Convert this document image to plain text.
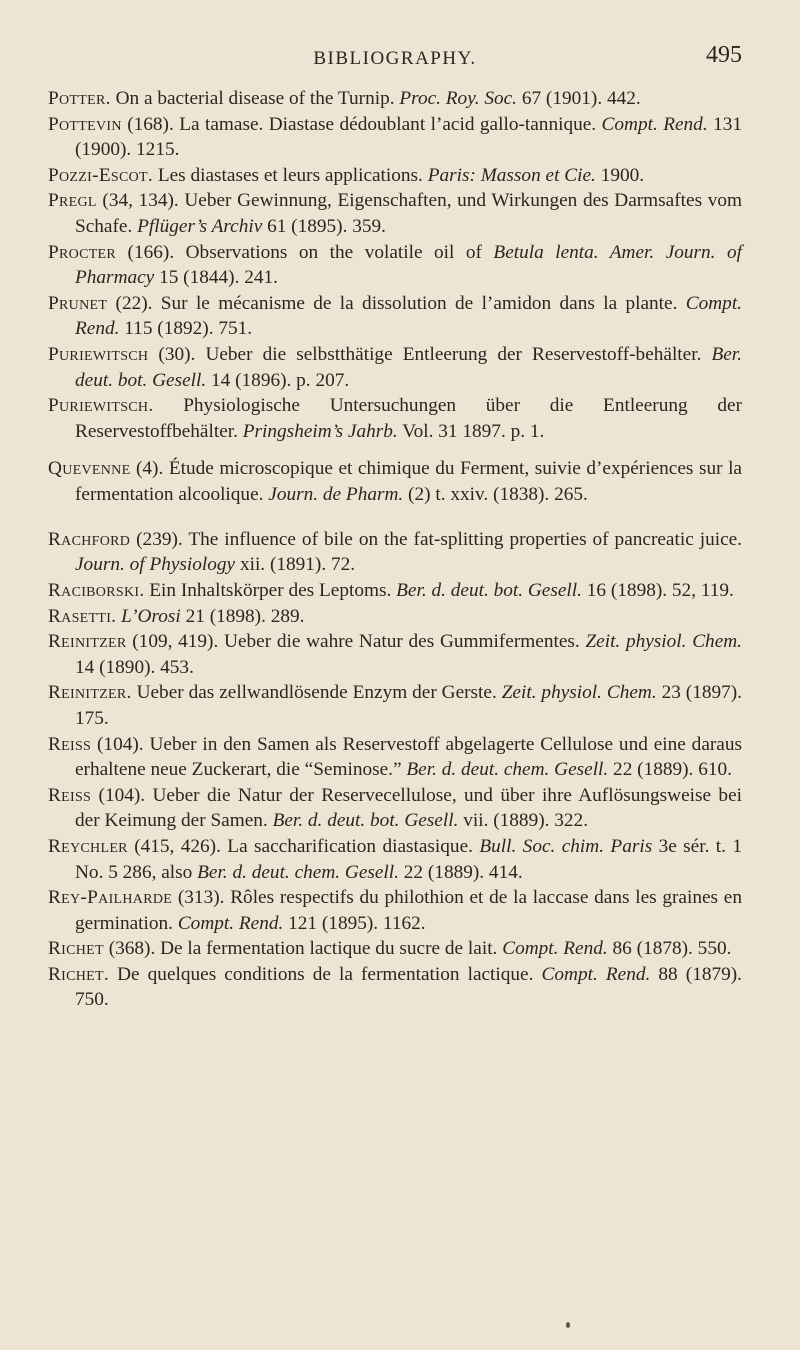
BIBLIOGRAPHY.	495

Potter. On a bacterial disease of the Turnip. Proc. Roy. Soc. 67 (1901). 442.

Pottevin (168). La tamase. Diastase dédoublant l’acid gallo-tannique. Compt. Rend. 131 (1900). 1215.

Pozzi-Escot. Les diastases et leurs applications. Paris: Masson et Cie. 1900.

Pregl (34, 134). Ueber Gewinnung, Eigenschaften, und Wirkungen des Darmsaftes vom Schafe. Pflüger’s Archiv 61 (1895). 359.

Procter (166). Observations on the volatile oil of Betula lenta. Amer. Journ. of Pharmacy 15 (1844). 241.

Prunet (22). Sur le mécanisme de la dissolution de l’amidon dans la plante. Compt. Rend. 115 (1892). 751.

Puriewitsch (30). Ueber die selbstthätige Entleerung der Reservestoff-behälter. Ber. deut. bot. Gesell. 14 (1896). p. 207.

Puriewitsch. Physiologische Untersuchungen über die Entleerung der Reservestoffbehälter. Pringsheim’s Jahrb. Vol. 31 1897. p. 1.

Quevenne (4). Étude microscopique et chimique du Ferment, suivie d’expériences sur la fermentation alcoolique. Journ. de Pharm. (2) t. xxiv. (1838). 265.

Rachford (239). The influence of bile on the fat-splitting properties of pancreatic juice. Journ. of Physiology xii. (1891). 72.

Raciborski. Ein Inhaltskörper des Leptoms. Ber. d. deut. bot. Gesell. 16 (1898). 52, 119.

Rasetti. L’Orosi 21 (1898). 289.

Reinitzer (109, 419). Ueber die wahre Natur des Gummifermentes. Zeit. physiol. Chem. 14 (1890). 453.

Reinitzer. Ueber das zellwandlösende Enzym der Gerste. Zeit. physiol. Chem. 23 (1897). 175.

Reiss (104). Ueber in den Samen als Reservestoff abgelagerte Cellulose und eine daraus erhaltene neue Zuckerart, die “Seminose.” Ber. d. deut. chem. Gesell. 22 (1889). 610.

Reiss (104). Ueber die Natur der Reservecellulose, und über ihre Auflösungsweise bei der Keimung der Samen. Ber. d. deut. bot. Gesell. vii. (1889). 322.

Reychler (415, 426). La saccharification diastasique. Bull. Soc. chim. Paris 3e sér. t. 1 No. 5 286, also Ber. d. deut. chem. Gesell. 22 (1889). 414.

Rey-Pailharde (313). Rôles respectifs du philothion et de la laccase dans les graines en germination. Compt. Rend. 121 (1895). 1162.

Richet (368). De la fermentation lactique du sucre de lait. Compt. Rend. 86 (1878). 550.

Richet. De quelques conditions de la fermentation lactique. Compt. Rend. 88 (1879). 750.
